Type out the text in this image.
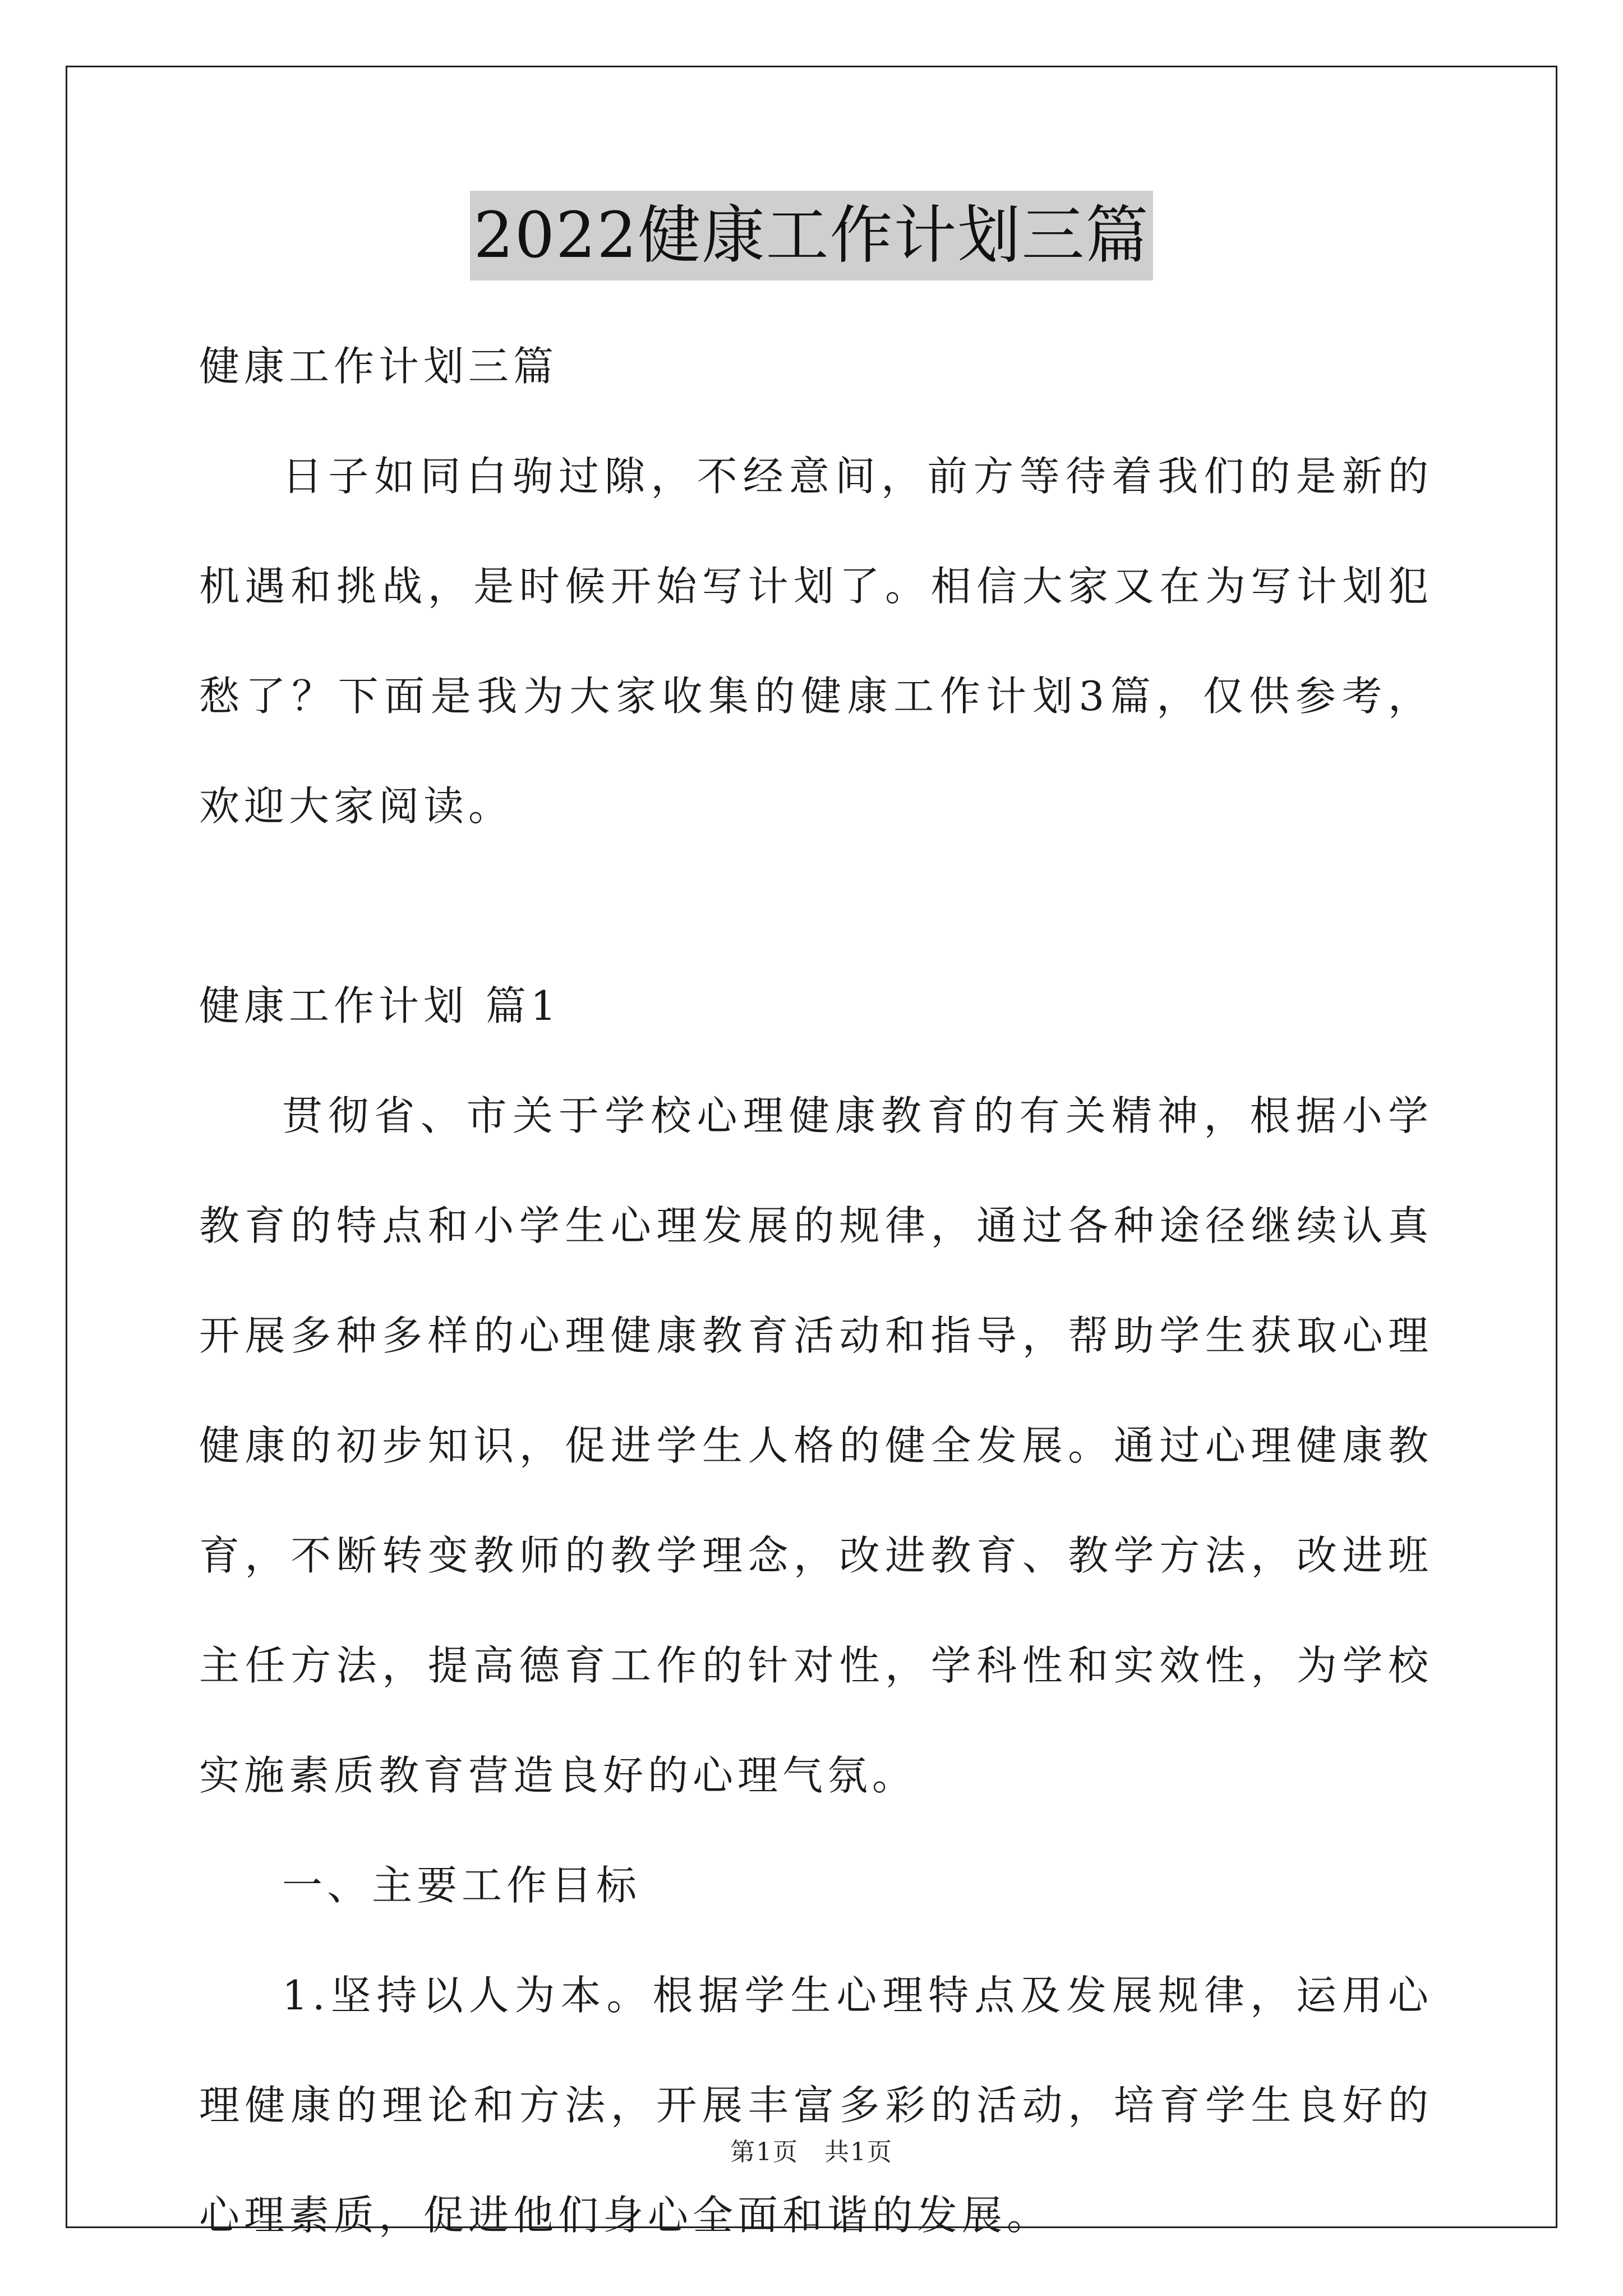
2022健康工作计划三篇
健康工作计划三篇

日子如同白驹过隙，不经意间，前方等待着我们的是新的机遇和挑战，是时候开始写计划了。相信大家又在为写计划犯愁了？下面是我为大家收集的健康工作计划3篇，仅供参考，欢迎大家阅读。

健康工作计划 篇1

贯彻省、市关于学校心理健康教育的有关精神，根据小学教育的特点和小学生心理发展的规律，通过各种途径继续认真开展多种多样的心理健康教育活动和指导，帮助学生获取心理健康的初步知识，促进学生人格的健全发展。通过心理健康教育，不断转变教师的教学理念，改进教育、教学方法，改进班主任方法，提高德育工作的针对性，学科性和实效性，为学校实施素质教育营造良好的心理气氛。

一、主要工作目标

1.坚持以人为本。根据学生心理特点及发展规律，运用心理健康的理论和方法，开展丰富多彩的活动，培育学生良好的心理素质，促进他们身心全面和谐的发展。

第1页　共1页
